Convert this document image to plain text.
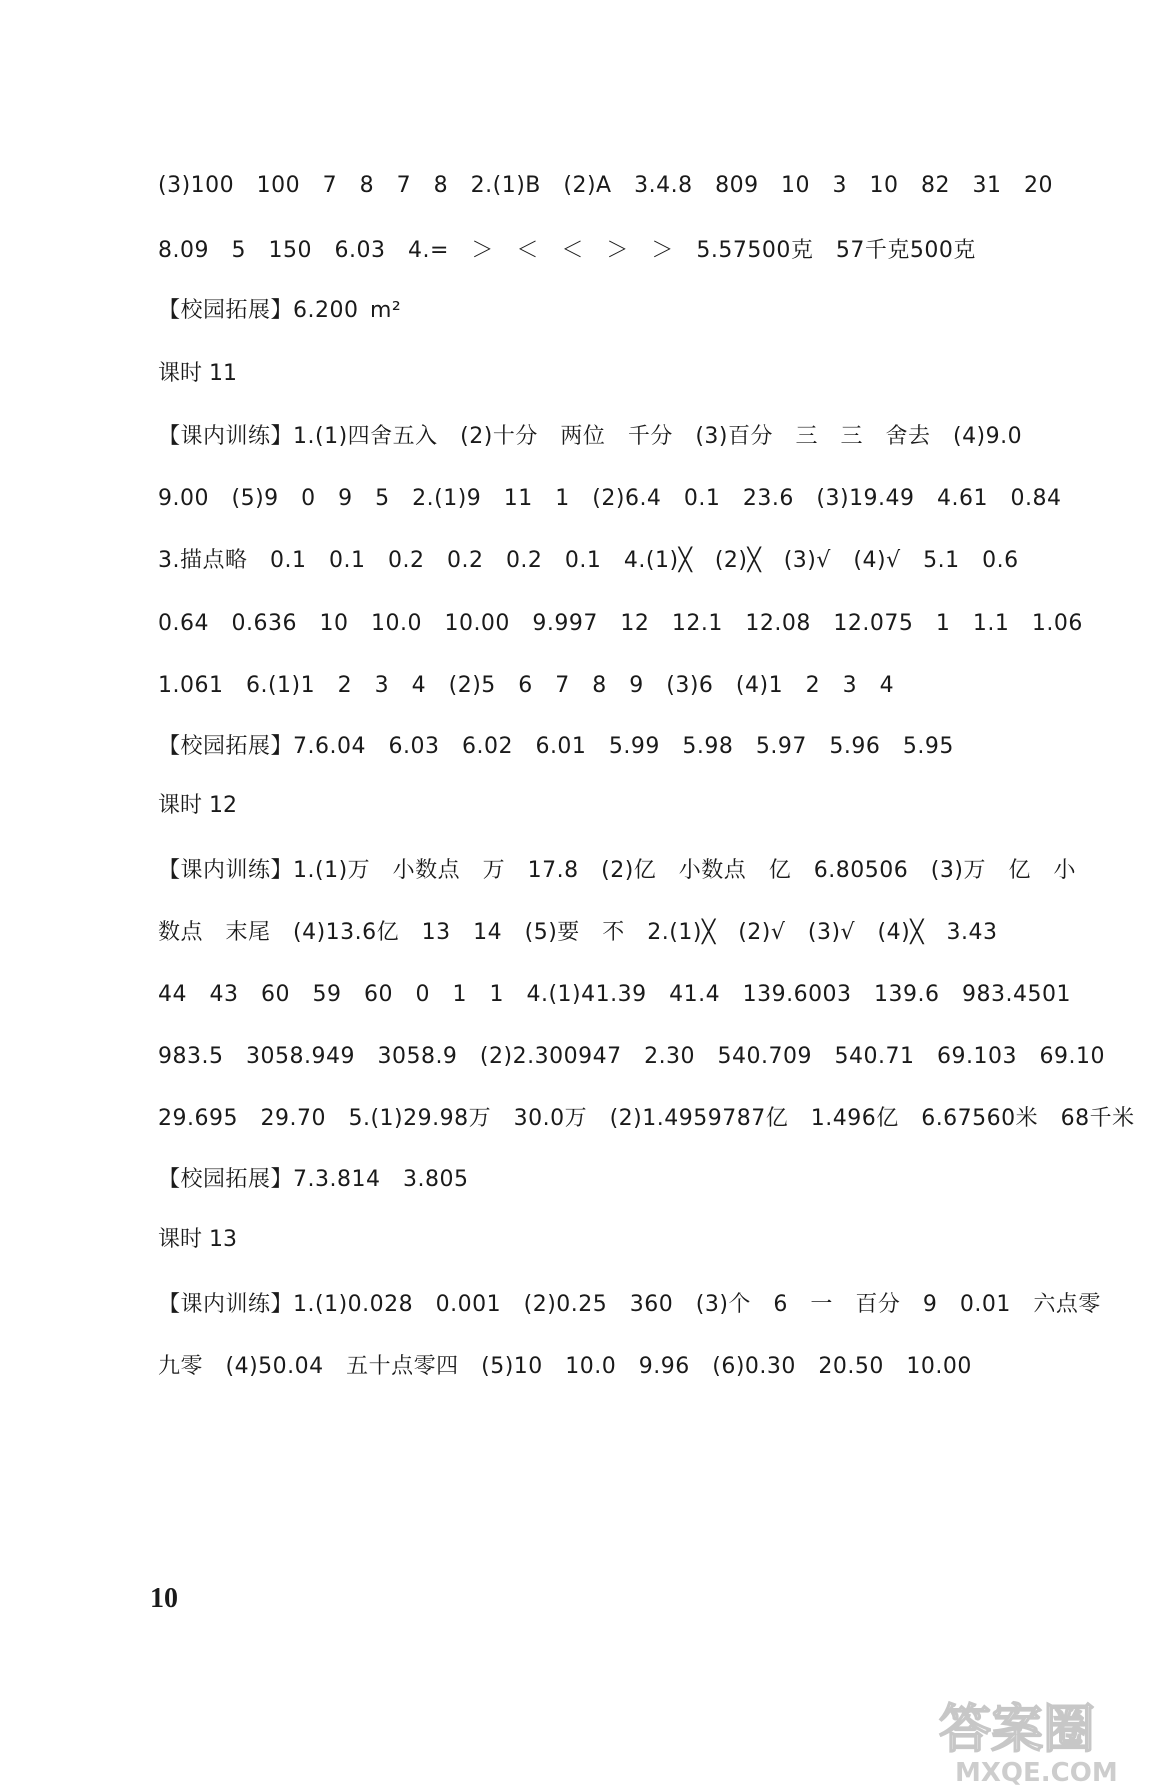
(3)100　100　7　8　7　8　2.(1)B　(2)A　3.4.8　809　10　3　10　82　31　20
8.09　5　150　6.03　4.=　＞　＜　＜　＞　＞　5.57500克　57千克500克
【校园拓展】6.200 m²
课时 11
【课内训练】1.(1)四舍五入　(2)十分　两位　千分　(3)百分　三　三　舍去　(4)9.0
9.00　(5)9　0　9　5　2.(1)9　11　1　(2)6.4　0.1　23.6　(3)19.49　4.61　0.84
3.描点略　0.1　0.1　0.2　0.2　0.2　0.1　4.(1)╳　(2)╳　(3)√　(4)√　5.1　0.6
0.64　0.636　10　10.0　10.00　9.997　12　12.1　12.08　12.075　1　1.1　1.06
1.061　6.(1)1　2　3　4　(2)5　6　7　8　9　(3)6　(4)1　2　3　4
【校园拓展】7.6.04　6.03　6.02　6.01　5.99　5.98　5.97　5.96　5.95
课时 12
【课内训练】1.(1)万　小数点　万　17.8　(2)亿　小数点　亿　6.80506　(3)万　亿　小
数点　末尾　(4)13.6亿　13　14　(5)要　不　2.(1)╳　(2)√　(3)√　(4)╳　3.43
44　43　60　59　60　0　1　1　4.(1)41.39　41.4　139.6003　139.6　983.4501
983.5　3058.949　3058.9　(2)2.300947　2.30　540.709　540.71　69.103　69.10
29.695　29.70　5.(1)29.98万　30.0万　(2)1.4959787亿　1.496亿　6.67560米　68千米
【校园拓展】7.3.814　3.805
课时 13
【课内训练】1.(1)0.028　0.001　(2)0.25　360　(3)个　6　一　百分　9　0.01　六点零
九零　(4)50.04　五十点零四　(5)10　10.0　9.96　(6)0.30　20.50　10.00
10
答案圈
MXQE.COM
